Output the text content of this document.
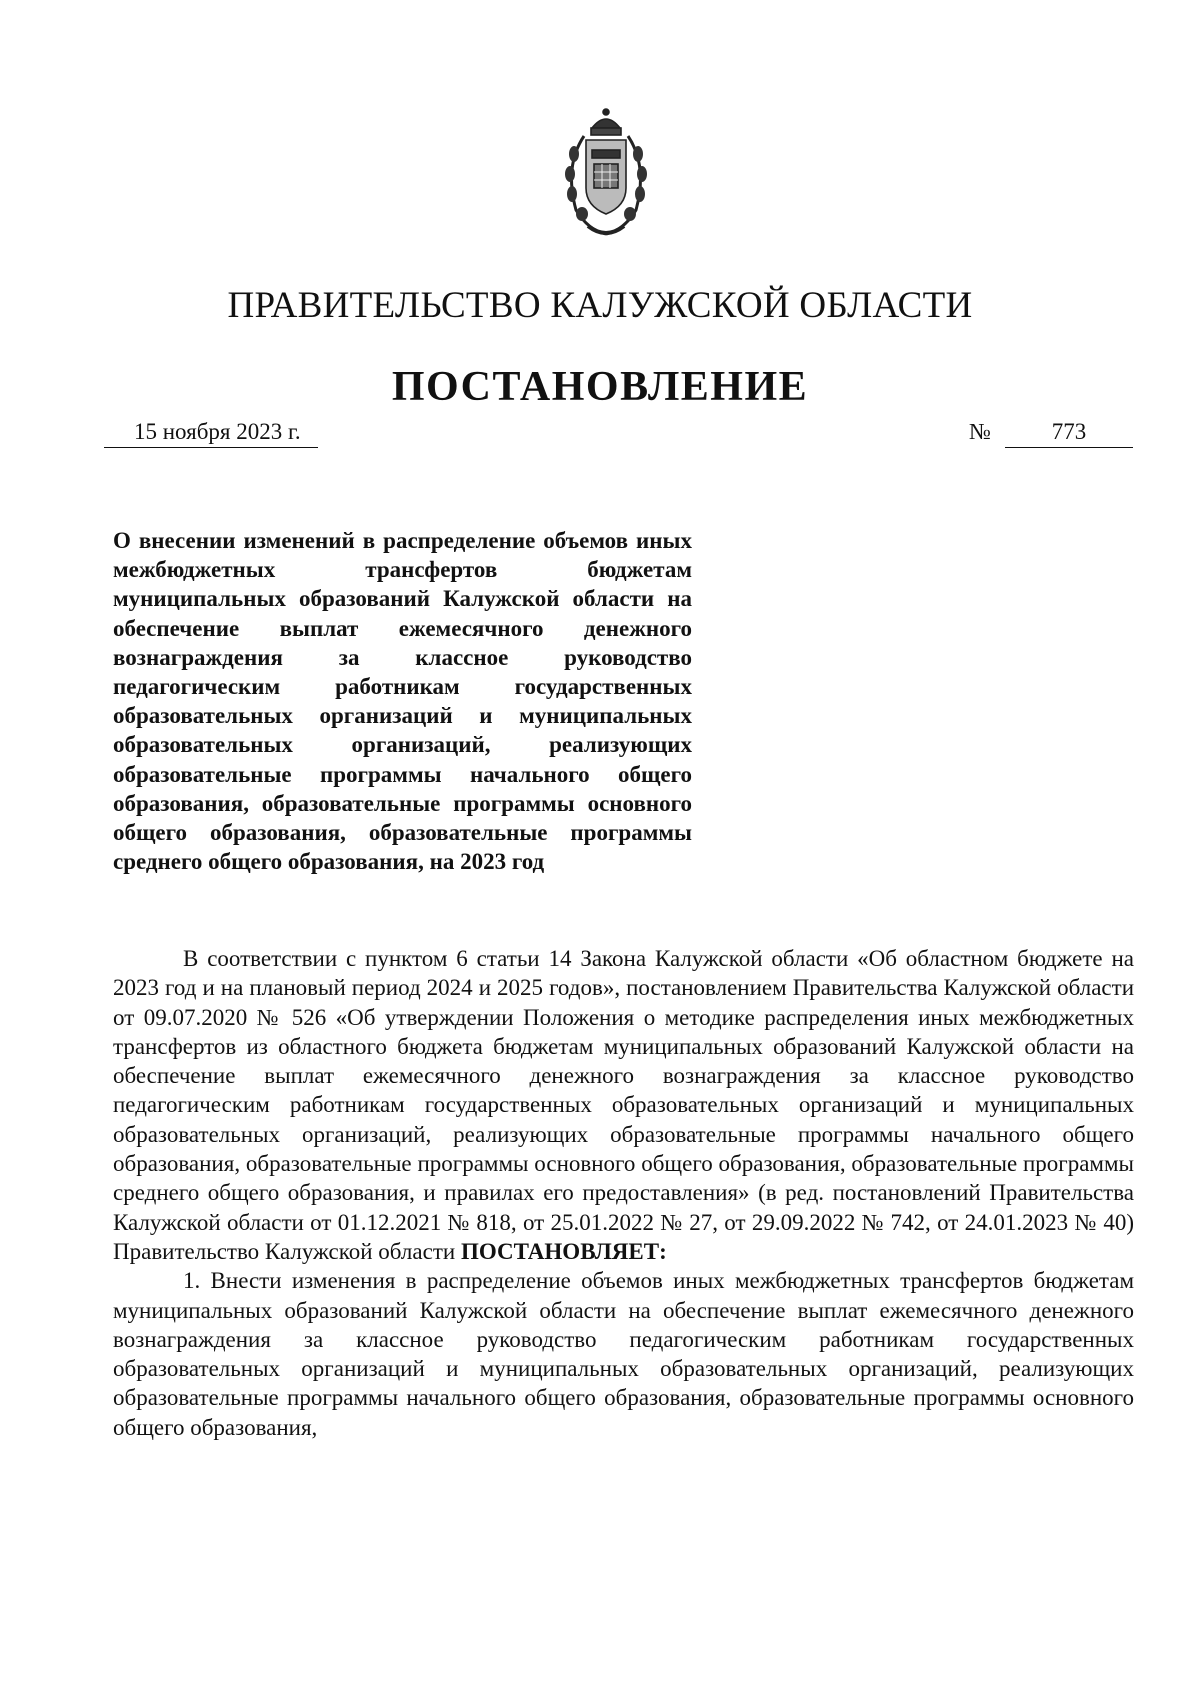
ПРАВИТЕЛЬСТВО КАЛУЖСКОЙ ОБЛАСТИ
ПОСТАНОВЛЕНИЕ
15 ноября 2023 г.	№	773
О внесении изменений в распределение объемов иных межбюджетных трансфертов бюджетам муниципальных образований Калужской области на обеспечение выплат ежемесячного денежного вознаграждения за классное руководство педагогическим работникам государственных образовательных организаций и муниципальных образовательных организаций, реализующих образовательные программы начального общего образования, образовательные программы основного общего образования, образовательные программы среднего общего образования, на 2023 год

В соответствии с пунктом 6 статьи 14 Закона Калужской области «Об областном бюджете на 2023 год и на плановый период 2024 и 2025 годов», постановлением Правительства Калужской области от 09.07.2020 № 526 «Об утверждении Положения о методике распределения иных межбюджетных трансфертов из областного бюджета бюджетам муниципальных образований Калужской области на обеспечение выплат ежемесячного денежного вознаграждения за классное руководство педагогическим работникам государственных образовательных организаций и муниципальных образовательных организаций, реализующих образовательные программы начального общего образования, образовательные программы основного общего образования, образовательные программы среднего общего образования, и правилах его предоставления» (в ред. постановлений Правительства Калужской области от 01.12.2021 № 818, от 25.01.2022 № 27, от 29.09.2022 № 742, от 24.01.2023 № 40) Правительство Калужской области ПОСТАНОВЛЯЕТ:

1. Внести изменения в распределение объемов иных межбюджетных трансфертов бюджетам муниципальных образований Калужской области на обеспечение выплат ежемесячного денежного вознаграждения за классное руководство педагогическим работникам государственных образовательных организаций и муниципальных образовательных организаций, реализующих образовательные программы начального общего образования, образовательные программы основного общего образования,
